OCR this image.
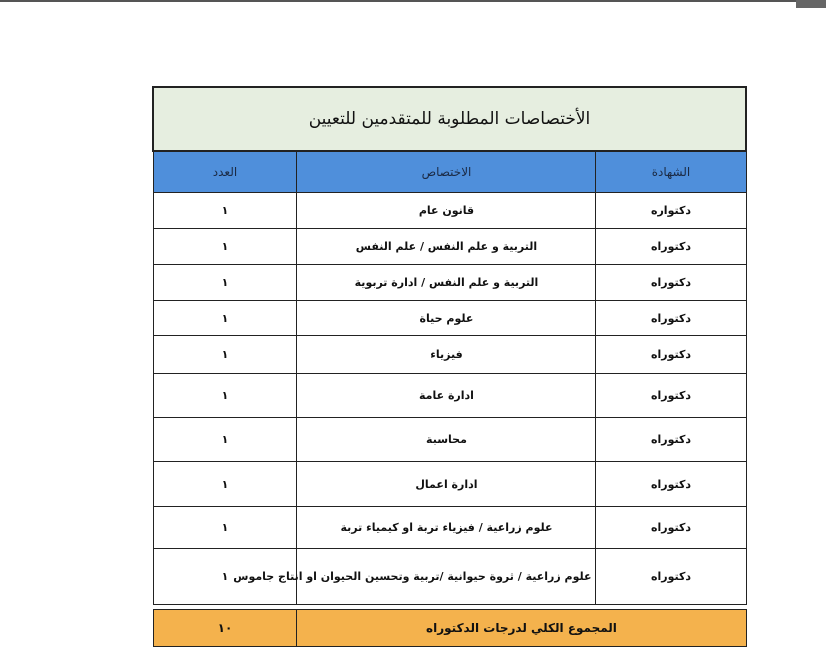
الأختصاصات المطلوبة للمتقدمين للتعيين		
الشهادة	الاختصاص	العدد
دكتواره	قانون عام	١
دكتوراه	التربية و علم النفس / علم النفس	١
دكتوراه	التربية و علم النفس / ادارة تربوية	١
دكتوراه	علوم حياة	١
دكتوراه	فيزياء	١
دكتوراه	ادارة عامة	١
دكتوراه	محاسبة	١
دكتوراه	ادارة اعمال	١
دكتوراه	علوم زراعية / فيزياء تربة او كيمياء تربة	١
دكتوراه	علوم زراعية / ثروة حيوانية /تربية وتحسين الحيوان او انتاج جاموس	١

المجموع الكلي لدرجات الدكتوراه		١٠
